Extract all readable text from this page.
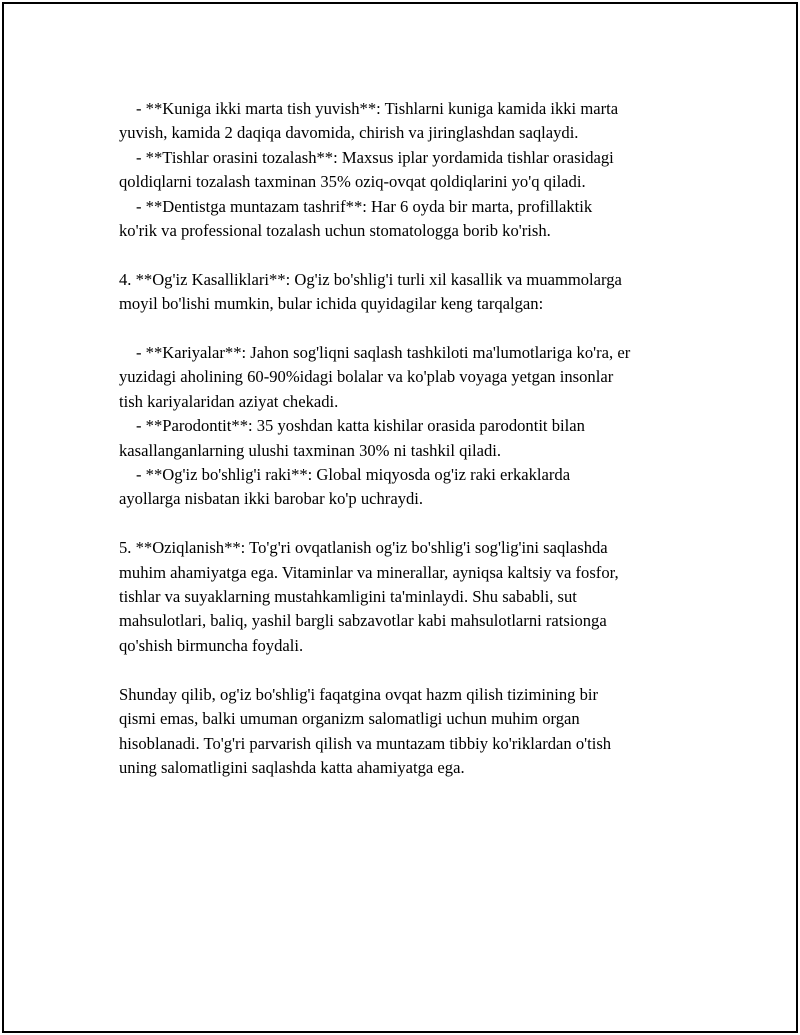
- **Kuniga ikki marta tish yuvish**: Tishlarni kuniga kamida ikki marta
yuvish, kamida 2 daqiqa davomida, chirish va jiringlashdan saqlaydi.
- **Tishlar orasini tozalash**: Maxsus iplar yordamida tishlar orasidagi
qoldiqlarni tozalash taxminan 35% oziq-ovqat qoldiqlarini yo'q qiladi.
- **Dentistga muntazam tashrif**: Har 6 oyda bir marta, profillaktik
ko'rik va professional tozalash uchun stomatologga borib ko'rish.
4. **Og'iz Kasalliklari**: Og'iz bo'shlig'i turli xil kasallik va muammolarga
moyil bo'lishi mumkin, bular ichida quyidagilar keng tarqalgan:
- **Kariyalar**: Jahon sog'liqni saqlash tashkiloti ma'lumotlariga ko'ra, er
yuzidagi aholining 60-90%idagi bolalar va ko'plab voyaga yetgan insonlar
tish kariyalaridan aziyat chekadi.
- **Parodontit**: 35 yoshdan katta kishilar orasida parodontit bilan
kasallanganlarning ulushi taxminan 30% ni tashkil qiladi.
- **Og'iz bo'shlig'i raki**: Global miqyosda og'iz raki erkaklarda
ayollarga nisbatan ikki barobar ko'p uchraydi.
5. **Oziqlanish**: To'g'ri ovqatlanish og'iz bo'shlig'i sog'lig'ini saqlashda
muhim ahamiyatga ega. Vitaminlar va minerallar, ayniqsa kaltsiy va fosfor,
tishlar va suyaklarning mustahkamligini ta'minlaydi. Shu sababli, sut
mahsulotlari, baliq, yashil bargli sabzavotlar kabi mahsulotlarni ratsionga
qo'shish birmuncha foydali.
Shunday qilib, og'iz bo'shlig'i faqatgina ovqat hazm qilish tizimining bir
qismi emas, balki umuman organizm salomatligi uchun muhim organ
hisoblanadi. To'g'ri parvarish qilish va muntazam tibbiy ko'riklardan o'tish
uning salomatligini saqlashda katta ahamiyatga ega.
